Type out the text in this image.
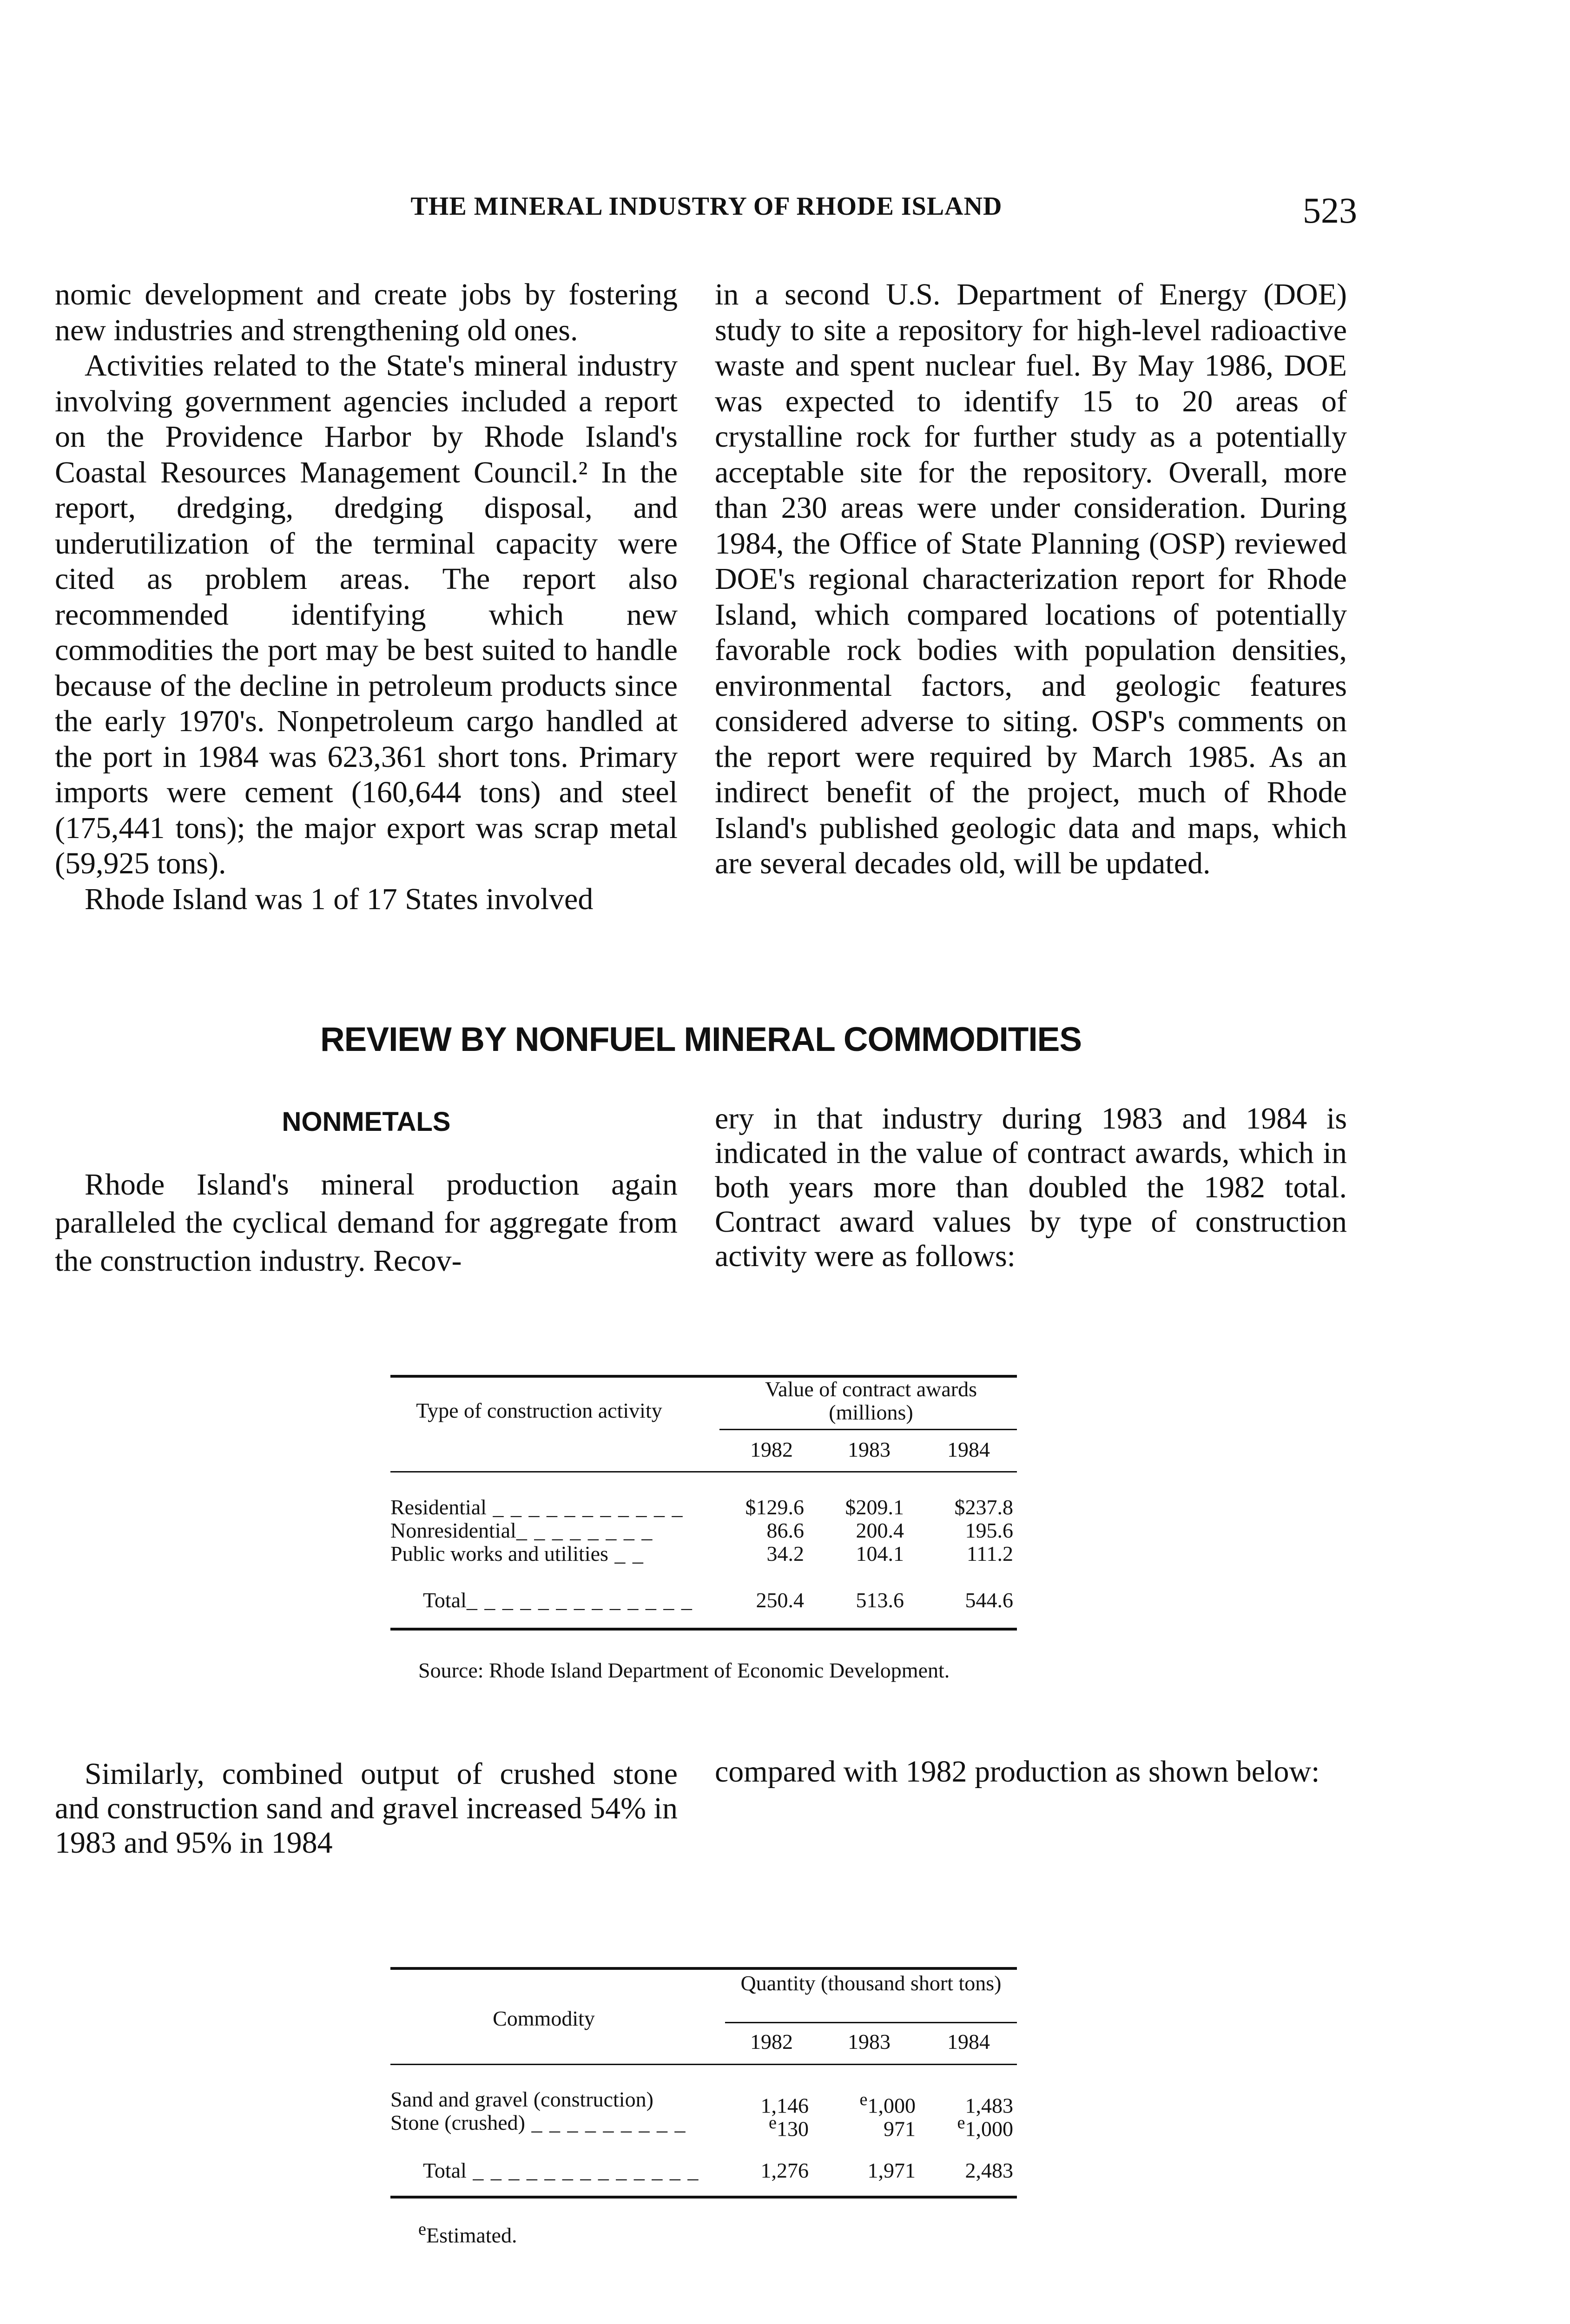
THE MINERAL INDUSTRY OF RHODE ISLAND	523

nomic development and create jobs by fostering new industries and strengthening old ones.

Activities related to the State's mineral industry involving government agencies included a report on the Providence Harbor by Rhode Island's Coastal Resources Management Council.² In the report, dredging, dredging disposal, and underutilization of the terminal capacity were cited as problem areas. The report also recommended identifying which new commodities the port may be best suited to handle because of the decline in petroleum products since the early 1970's. Nonpetroleum cargo handled at the port in 1984 was 623,361 short tons. Primary imports were cement (160,644 tons) and steel (175,441 tons); the major export was scrap metal (59,925 tons).

Rhode Island was 1 of 17 States involved

in a second U.S. Department of Energy (DOE) study to site a repository for high-level radioactive waste and spent nuclear fuel. By May 1986, DOE was expected to identify 15 to 20 areas of crystalline rock for further study as a potentially acceptable site for the repository. Overall, more than 230 areas were under consideration. During 1984, the Office of State Planning (OSP) reviewed DOE's regional characterization report for Rhode Island, which compared locations of potentially favorable rock bodies with population densities, environmental factors, and geologic features considered adverse to siting. OSP's comments on the report were required by March 1985. As an indirect benefit of the project, much of Rhode Island's published geologic data and maps, which are several decades old, will be updated.

REVIEW BY NONFUEL MINERAL COMMODITIES
NONMETALS

Rhode Island's mineral production again paralleled the cyclical demand for aggregate from the construction industry. Recov-

ery in that industry during 1983 and 1984 is indicated in the value of contract awards, which in both years more than doubled the 1982 total. Contract award values by type of construction activity were as follows:

Type of construction activity
Value of contract awards (millions)
1982	1983	1984
Residential _ _ _ _ _ _ _ _ _ _ _	$129.6	$209.1	$237.8
Nonresidential_ _ _ _ _ _ _ _	86.6	200.4	195.6
Public works and utilities _ _	34.2	104.1	111.2
Total_ _ _ _ _ _ _ _ _ _ _ _ _	250.4	513.6	544.6
Source: Rhode Island Department of Economic Development.

Similarly, combined output of crushed stone and construction sand and gravel increased 54% in 1983 and 95% in 1984

compared with 1982 production as shown below:

Commodity
Quantity (thousand short tons)
1982	1983	1984
Sand and gravel (construction)	1,146	$^e$1,000	1,483
Stone (crushed) _ _ _ _ _ _ _ _ _	$^e$130	971	$^e$1,000
Total _ _ _ _ _ _ _ _ _ _ _ _ _	1,276	1,971	2,483
$^e$Estimated.
